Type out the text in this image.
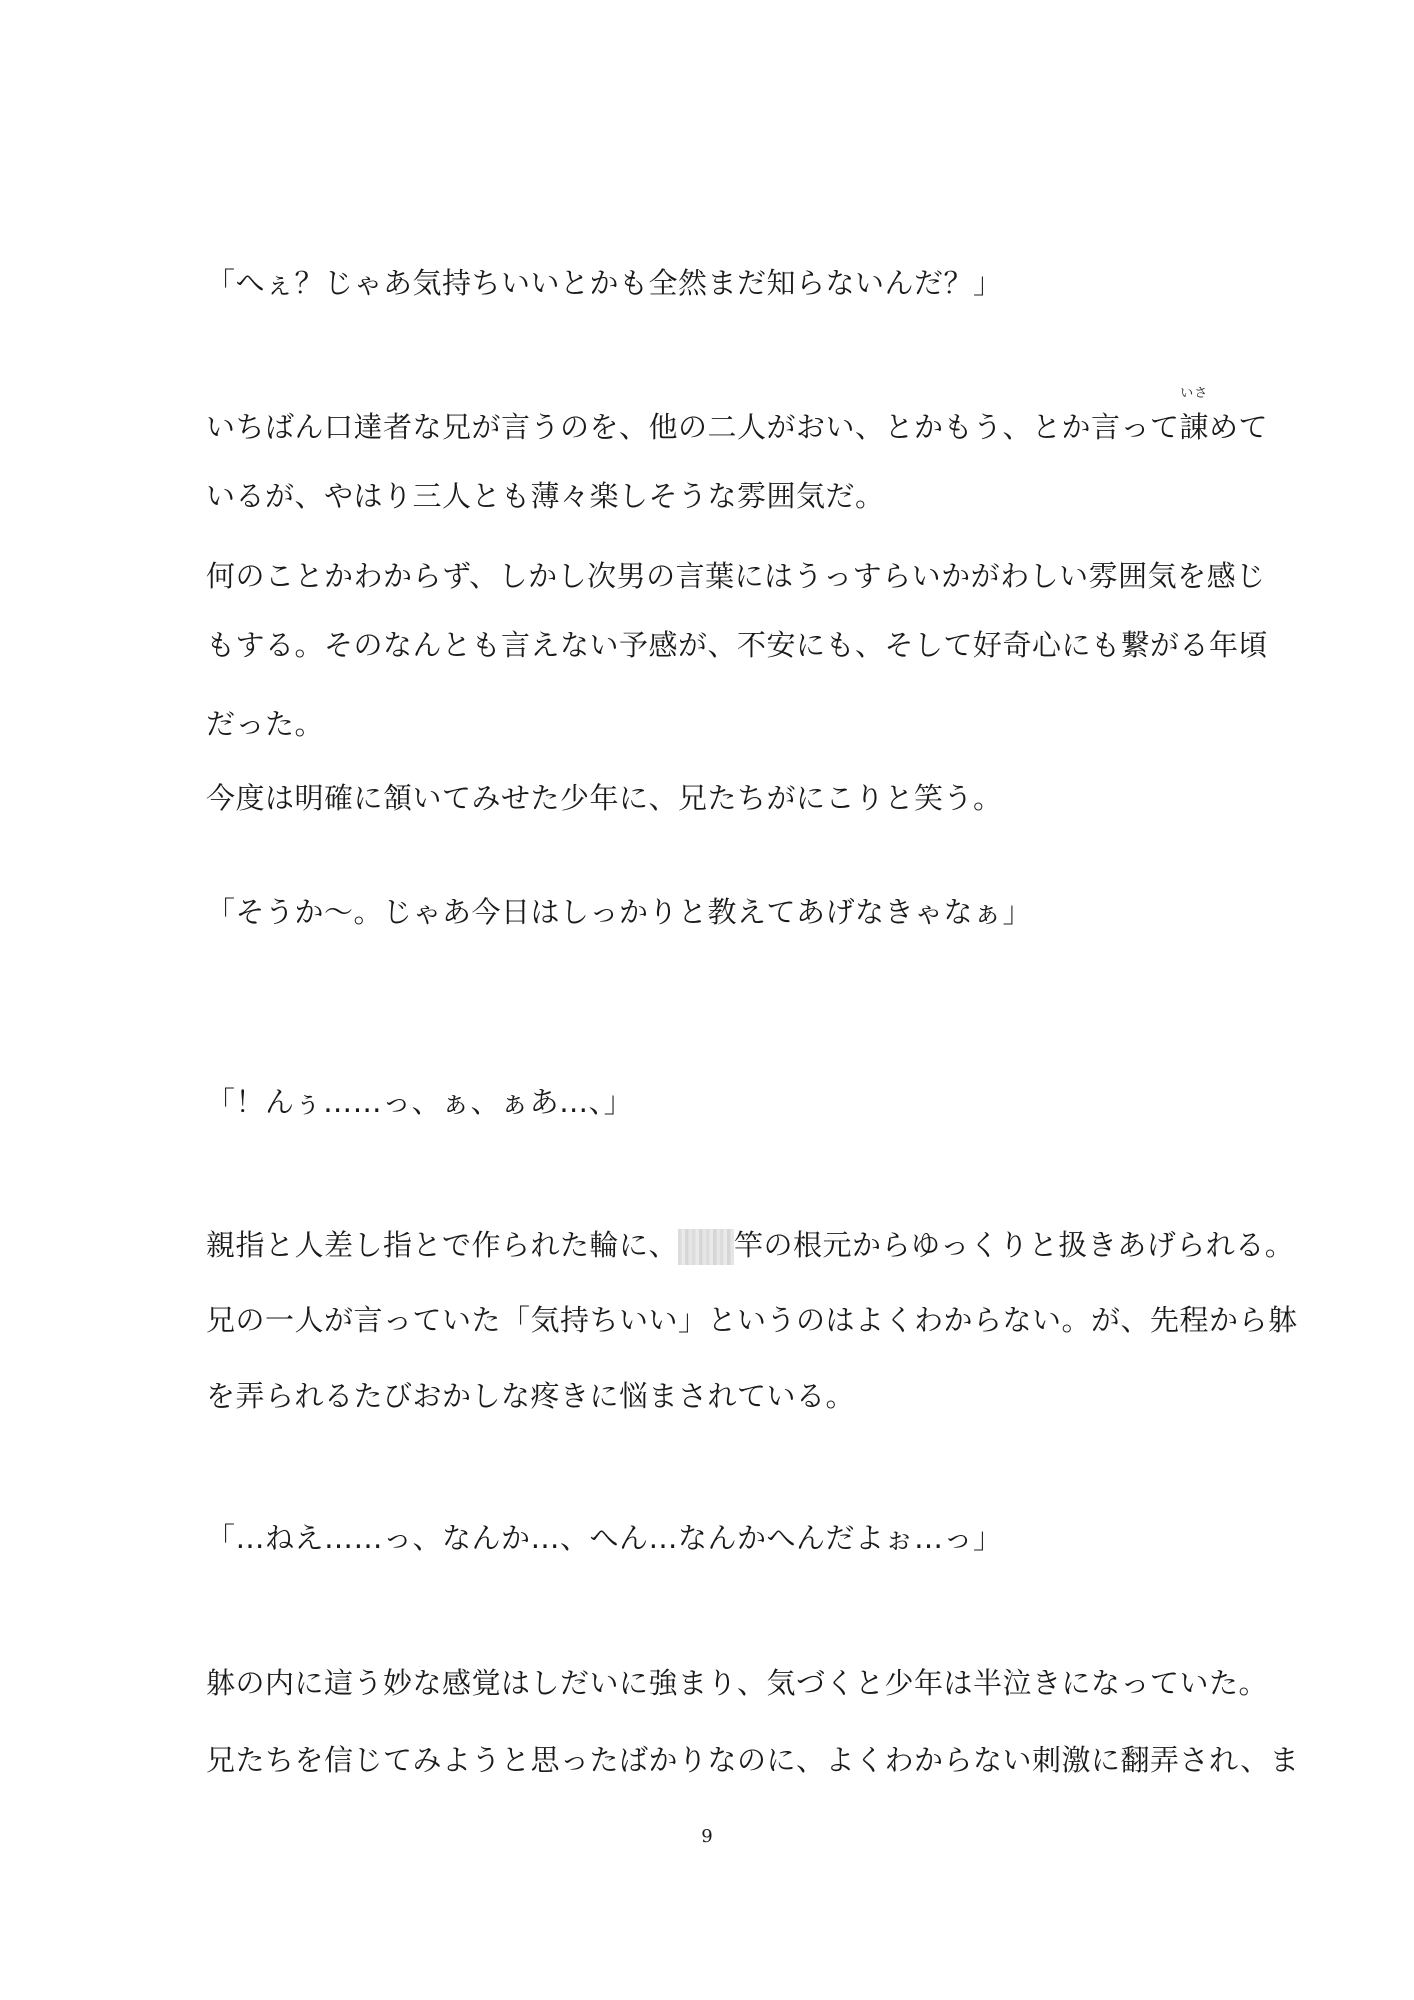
「へぇ？じゃあ気持ちいいとかも全然まだ知らないんだ？」
いちばん口達者な兄が言うのを、他の二人がおい、とかもう、とか言って
いさ
諌めて
いるが、やはり三人とも薄々楽しそうな雰囲気だ。
何のことかわからず、しかし次男の言葉にはうっすらいかがわしい雰囲気を感じ
もする。そのなんとも言えない予感が、不安にも、そして好奇心にも繋がる年頃
だった。
今度は明確に頷いてみせた少年に、兄たちがにこりと笑う。
「そうか～。じゃあ今日はしっかりと教えてあげなきゃなぁ」
「！んぅ……っ、ぁ、ぁあ…、」
親指と人差し指とで作られた輪に、 竿の根元からゆっくりと扱きあげられる。
兄の一人が言っていた「気持ちいい」というのはよくわからない。が、先程から躰
を弄られるたびおかしな疼きに悩まされている。
「…ねえ……っ、なんか…、へん…なんかへんだよぉ…っ」
躰の内に這う妙な感覚はしだいに強まり、気づくと少年は半泣きになっていた。
兄たちを信じてみようと思ったばかりなのに、よくわからない刺激に翻弄され、ま
9
